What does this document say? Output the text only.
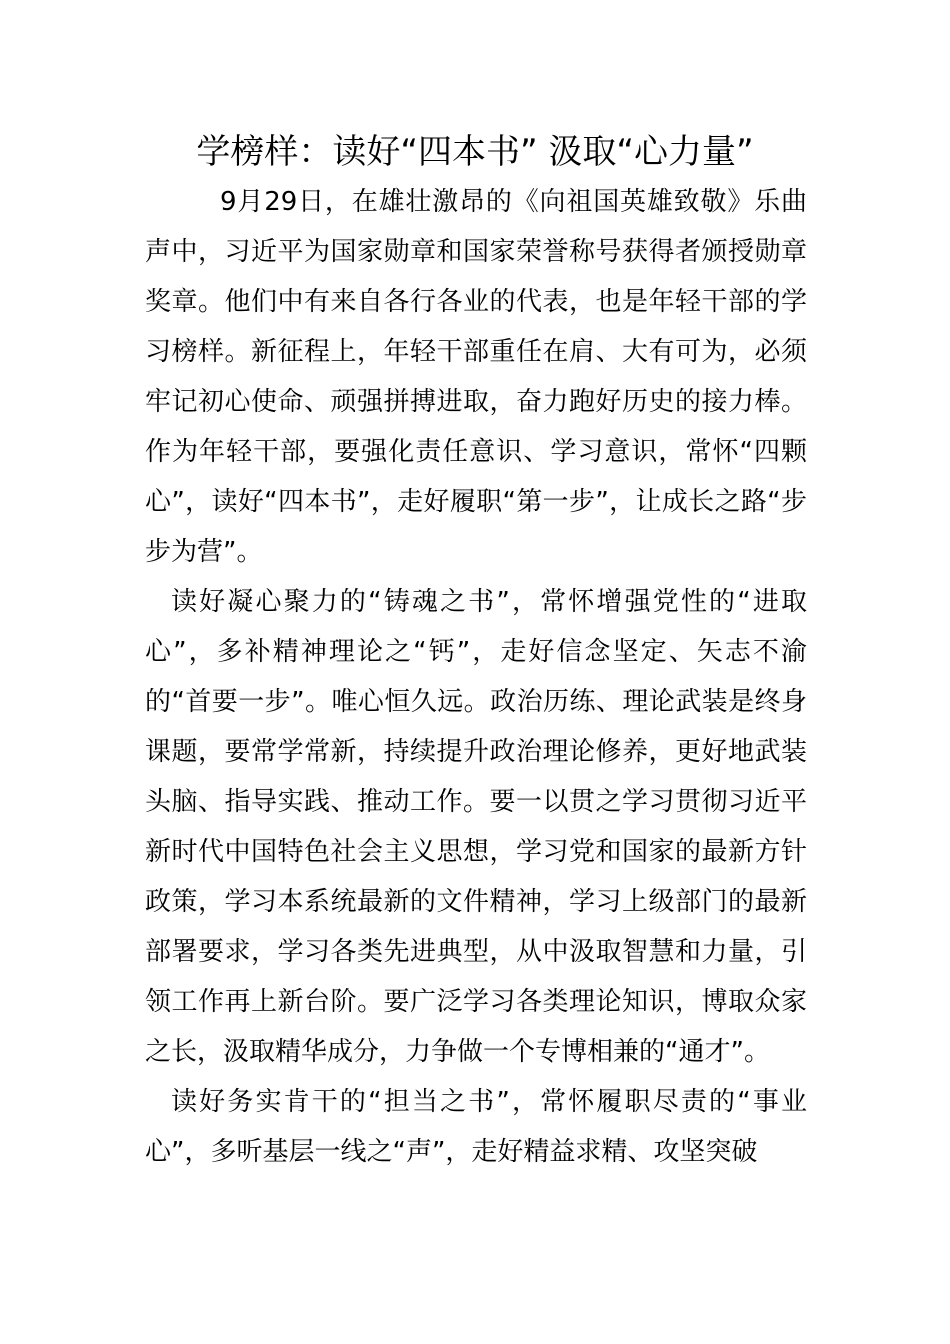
学榜样：读好“四本书” 汲取“心力量”

9月29日，在雄壮激昂的《向祖国英雄致敬》乐曲声中，习近平为国家勋章和国家荣誉称号获得者颁授勋章奖章。他们中有来自各行各业的代表，也是年轻干部的学习榜样。新征程上，年轻干部重任在肩、大有可为，必须牢记初心使命、顽强拼搏进取，奋力跑好历史的接力棒。作为年轻干部，要强化责任意识、学习意识，常怀“四颗心”，读好“四本书”，走好履职“第一步”，让成长之路“步步为营”。

读好凝心聚力的“铸魂之书”，常怀增强党性的“进取心”，多补精神理论之“钙”，走好信念坚定、矢志不渝的“首要一步”。唯心恒久远。政治历练、理论武装是终身课题，要常学常新，持续提升政治理论修养，更好地武装头脑、指导实践、推动工作。要一以贯之学习贯彻习近平新时代中国特色社会主义思想，学习党和国家的最新方针政策，学习本系统最新的文件精神，学习上级部门的最新部署要求，学习各类先进典型，从中汲取智慧和力量，引领工作再上新台阶。要广泛学习各类理论知识，博取众家之长，汲取精华成分，力争做一个专博相兼的“通才”。

读好务实肯干的“担当之书”，常怀履职尽责的“事业心”，多听基层一线之“声”，走好精益求精、攻坚突破
